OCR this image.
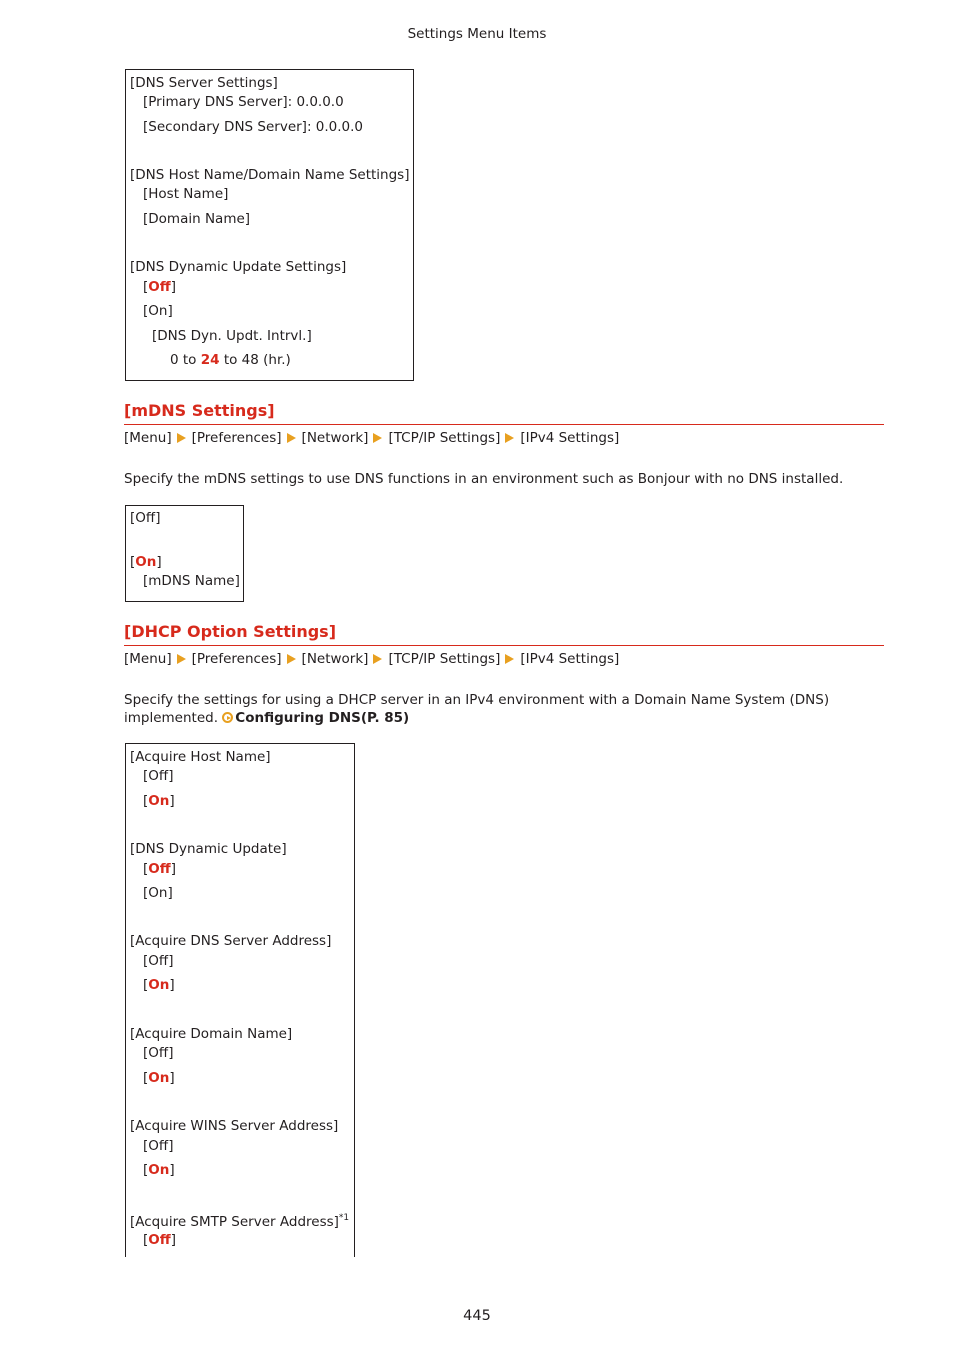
Settings Menu Items
[DNS Server Settings]
[Primary DNS Server]: 0.0.0.0
[Secondary DNS Server]: 0.0.0.0
[DNS Host Name/Domain Name Settings]
[Host Name]
[Domain Name]
[DNS Dynamic Update Settings]
[Off]
[On]
[DNS Dyn. Updt. Intrvl.]
0 to 24 to 48 (hr.)
[mDNS Settings]
[Menu] [Preferences] [Network] [TCP/IP Settings] [IPv4 Settings]
Specify the mDNS settings to use DNS functions in an environment such as Bonjour with no DNS installed.
[Off]
[On]
[mDNS Name]
[DHCP Option Settings]
[Menu] [Preferences] [Network] [TCP/IP Settings] [IPv4 Settings]
Specify the settings for using a DHCP server in an IPv4 environment with a Domain Name System (DNS)
implemented. Configuring DNS(P. 85)
[Acquire Host Name]
[Off]
[On]
[DNS Dynamic Update]
[Off]
[On]
[Acquire DNS Server Address]
[Off]
[On]
[Acquire Domain Name]
[Off]
[On]
[Acquire WINS Server Address]
[Off]
[On]
[Acquire SMTP Server Address]$^{*1}$
[Off]
445
